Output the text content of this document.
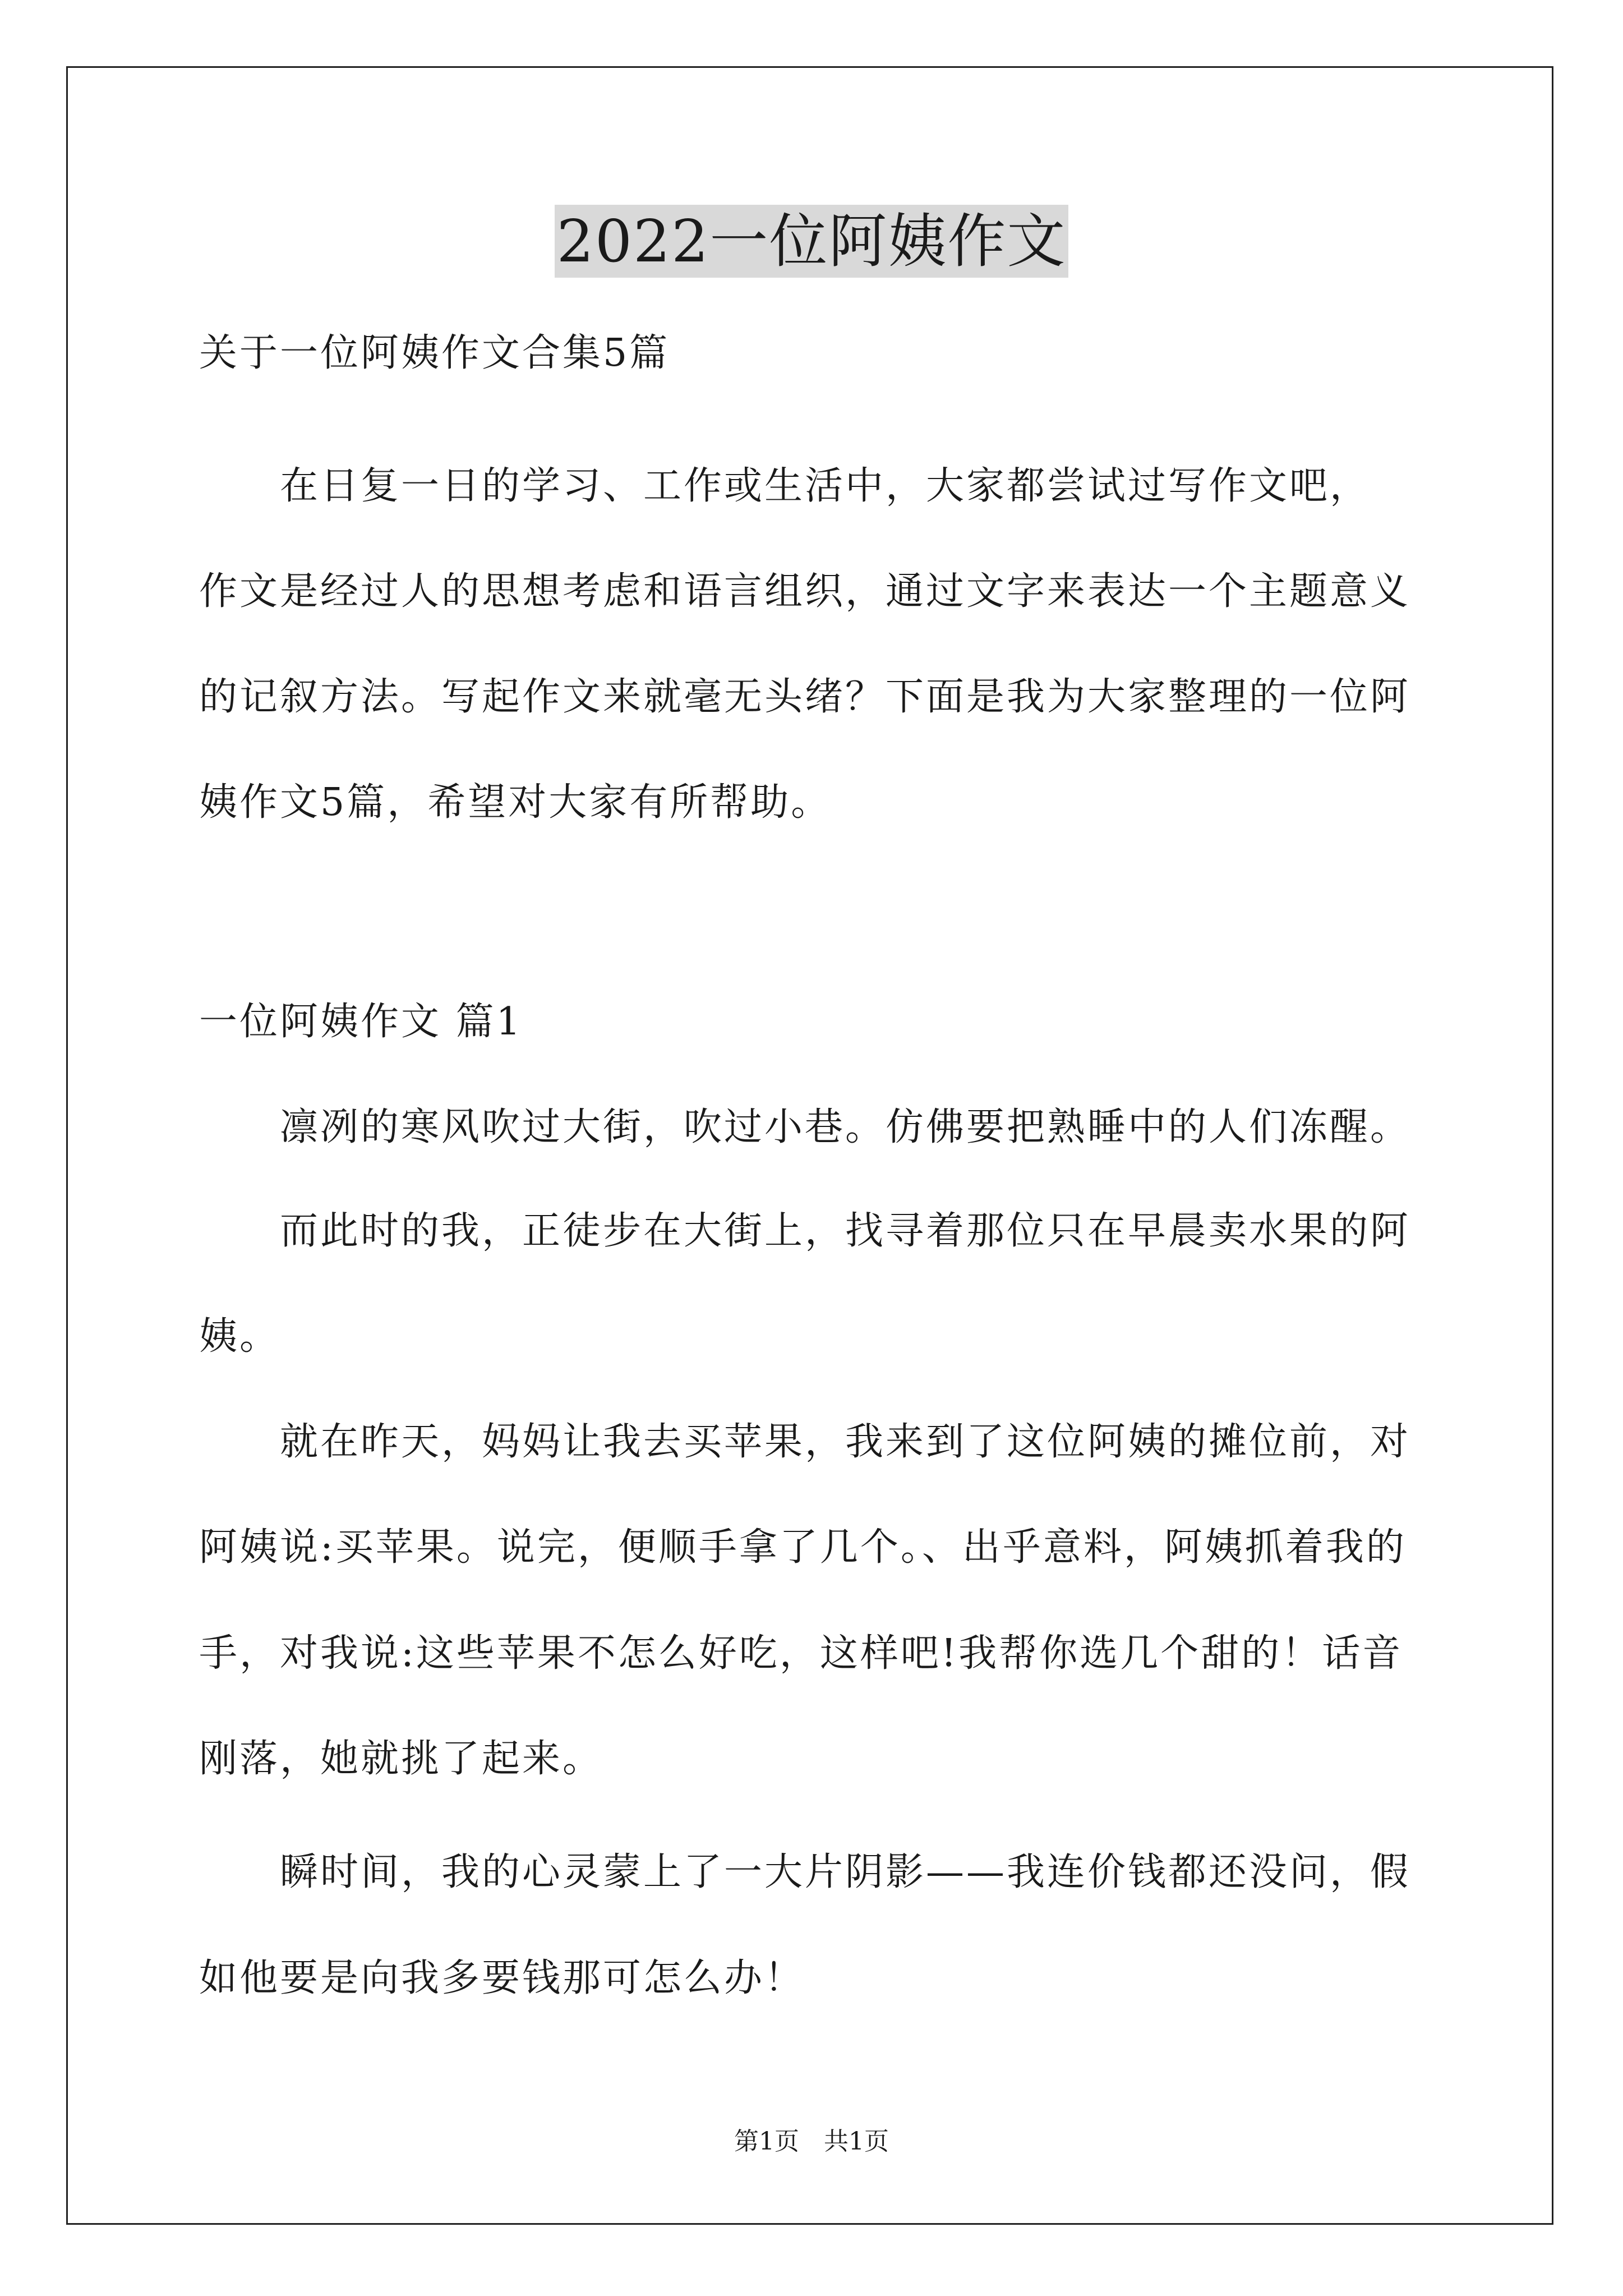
2022一位阿姨作文
关于一位阿姨作文合集5篇
　　在日复一日的学习、工作或生活中，大家都尝试过写作文吧，
作文是经过人的思想考虑和语言组织，通过文字来表达一个主题意义
的记叙方法。写起作文来就毫无头绪？下面是我为大家整理的一位阿
姨作文5篇，希望对大家有所帮助。
一位阿姨作文 篇1
　　凛冽的寒风吹过大街，吹过小巷。仿佛要把熟睡中的人们冻醒。
　　而此时的我，正徒步在大街上，找寻着那位只在早晨卖水果的阿
姨。
　　就在昨天，妈妈让我去买苹果，我来到了这位阿姨的摊位前，对
阿姨说:买苹果。说完，便顺手拿了几个。、出乎意料，阿姨抓着我的
手，对我说:这些苹果不怎么好吃，这样吧!我帮你选几个甜的！话音
刚落，她就挑了起来。
　　瞬时间，我的心灵蒙上了一大片阴影——我连价钱都还没问，假
如他要是向我多要钱那可怎么办！
第1页　共1页
